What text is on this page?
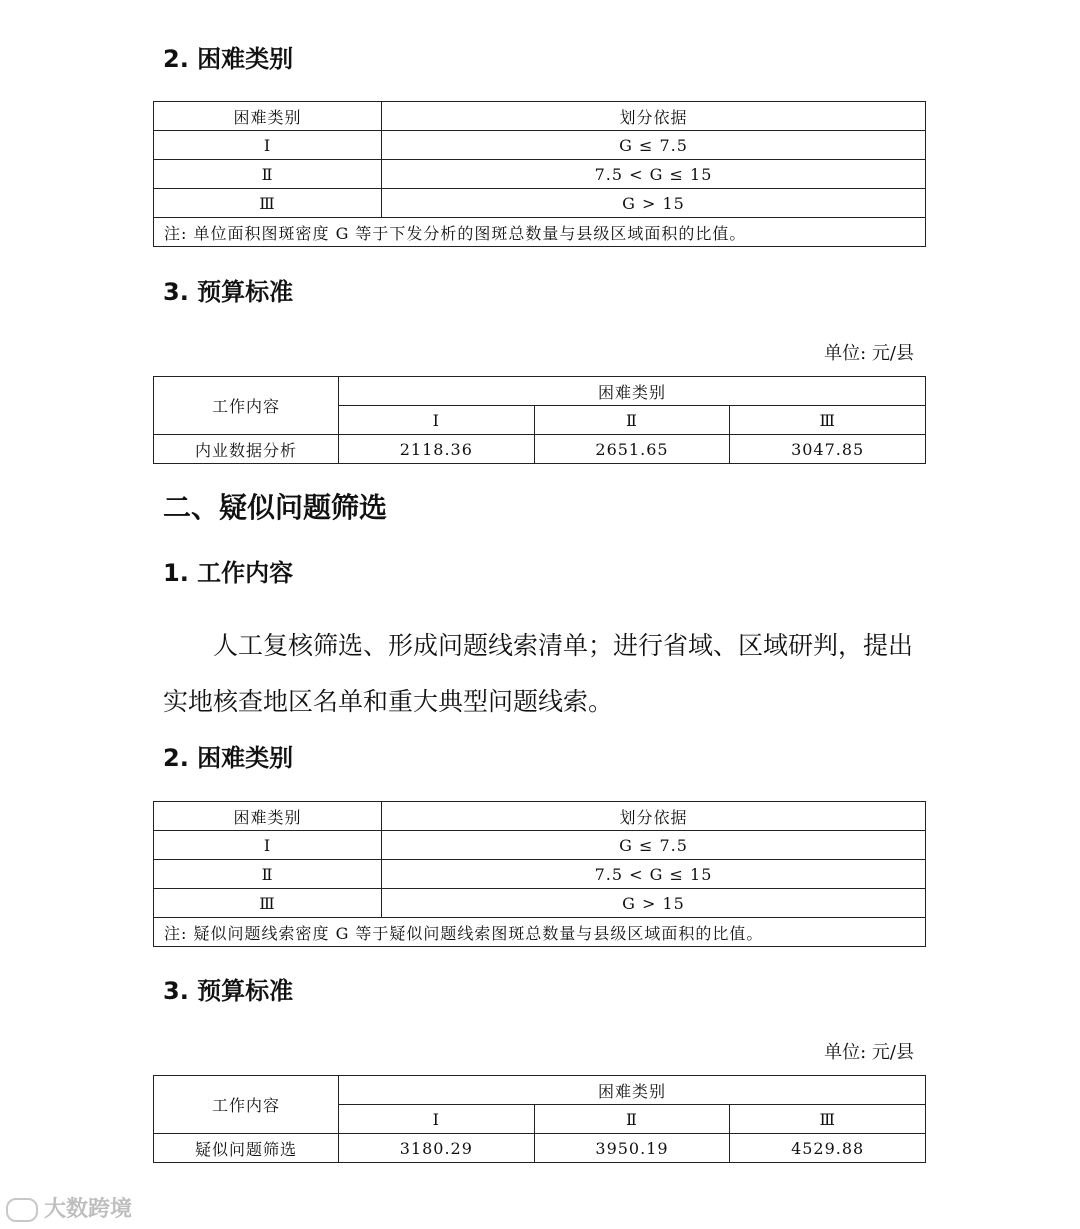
2. 困难类别
困难类别	划分依据
Ⅰ	G ≤ 7.5
Ⅱ	7.5 < G ≤ 15
Ⅲ	G > 15
注: 单位面积图斑密度 G 等于下发分析的图斑总数量与县级区域面积的比值。	
3. 预算标准
单位: 元/县
工作内容	困难类别		
	Ⅰ	Ⅱ	Ⅲ
内业数据分析	2118.36	2651.65	3047.85
二、疑似问题筛选
1. 工作内容
人工复核筛选、形成问题线索清单；进行省域、区域研判，提出
实地核查地区名单和重大典型问题线索。
2. 困难类别
困难类别	划分依据
Ⅰ	G ≤ 7.5
Ⅱ	7.5 < G ≤ 15
Ⅲ	G > 15
注: 疑似问题线索密度 G 等于疑似问题线索图斑总数量与县级区域面积的比值。	
3. 预算标准
单位: 元/县
工作内容	困难类别		
	Ⅰ	Ⅱ	Ⅲ
疑似问题筛选	3180.29	3950.19	4529.88
大数跨境
